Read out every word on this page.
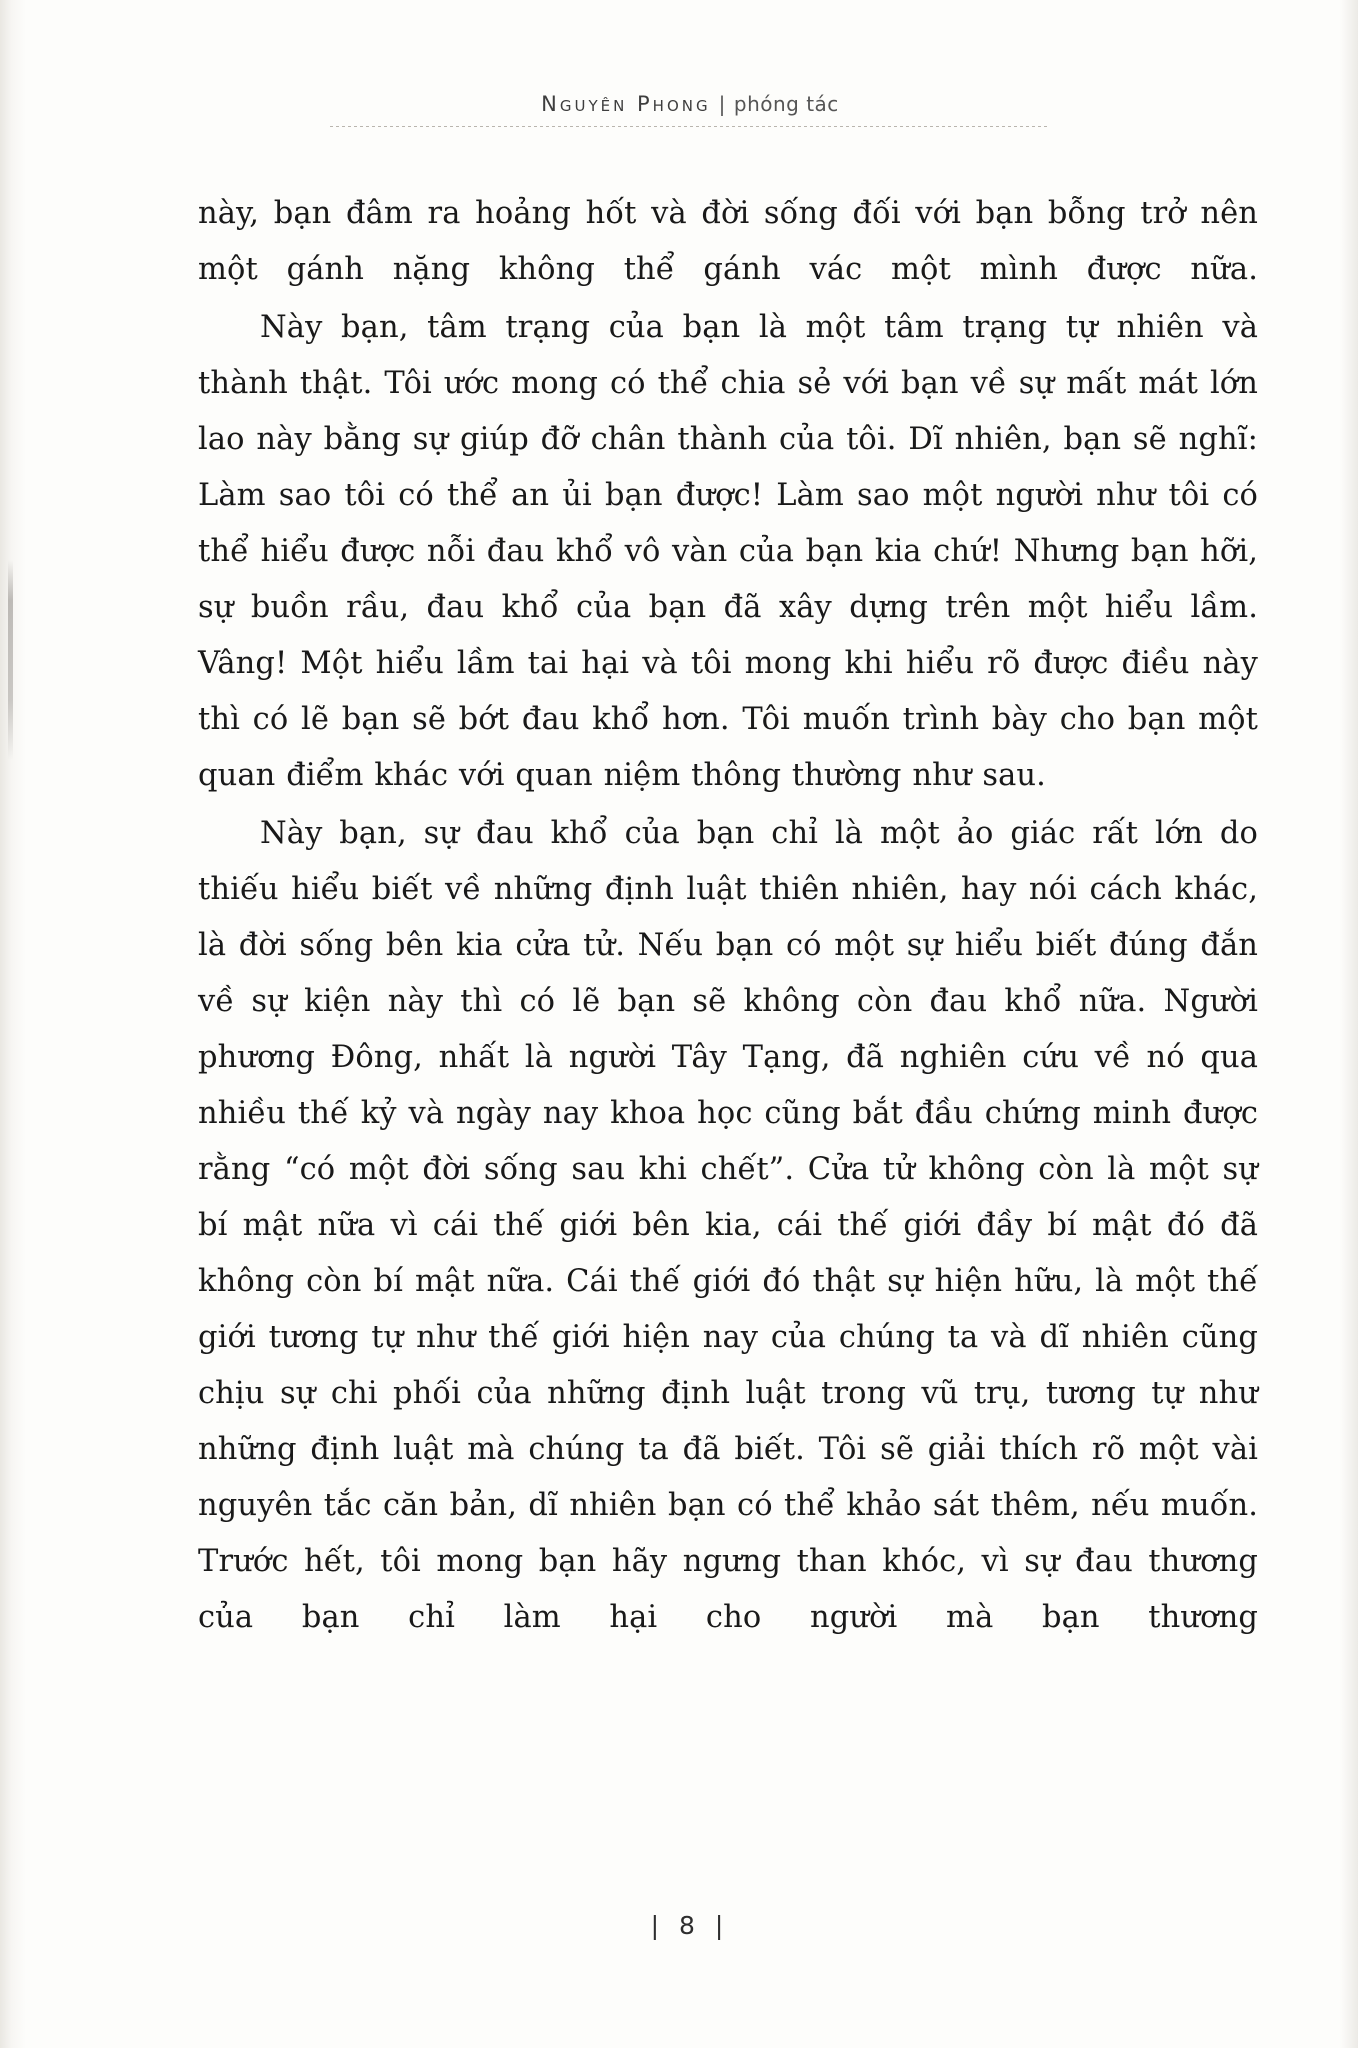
Nguyên Phong | phóng tác

này, bạn đâm ra hoảng hốt và đời sống đối với bạn bỗng trở nên một gánh nặng không thể gánh vác một mình được nữa.

Này bạn, tâm trạng của bạn là một tâm trạng tự nhiên và thành thật. Tôi ước mong có thể chia sẻ với bạn về sự mất mát lớn lao này bằng sự giúp đỡ chân thành của tôi. Dĩ nhiên, bạn sẽ nghĩ: Làm sao tôi có thể an ủi bạn được! Làm sao một người như tôi có thể hiểu được nỗi đau khổ vô vàn của bạn kia chứ! Nhưng bạn hỡi, sự buồn rầu, đau khổ của bạn đã xây dựng trên một hiểu lầm. Vâng! Một hiểu lầm tai hại và tôi mong khi hiểu rõ được điều này thì có lẽ bạn sẽ bớt đau khổ hơn. Tôi muốn trình bày cho bạn một quan điểm khác với quan niệm thông thường như sau.

Này bạn, sự đau khổ của bạn chỉ là một ảo giác rất lớn do thiếu hiểu biết về những định luật thiên nhiên, hay nói cách khác, là đời sống bên kia cửa tử. Nếu bạn có một sự hiểu biết đúng đắn về sự kiện này thì có lẽ bạn sẽ không còn đau khổ nữa. Người phương Đông, nhất là người Tây Tạng, đã nghiên cứu về nó qua nhiều thế kỷ và ngày nay khoa học cũng bắt đầu chứng minh được rằng “có một đời sống sau khi chết”. Cửa tử không còn là một sự bí mật nữa vì cái thế giới bên kia, cái thế giới đầy bí mật đó đã không còn bí mật nữa. Cái thế giới đó thật sự hiện hữu, là một thế giới tương tự như thế giới hiện nay của chúng ta và dĩ nhiên cũng chịu sự chi phối của những định luật trong vũ trụ, tương tự như những định luật mà chúng ta đã biết. Tôi sẽ giải thích rõ một vài nguyên tắc căn bản, dĩ nhiên bạn có thể khảo sát thêm, nếu muốn. Trước hết, tôi mong bạn hãy ngưng than khóc, vì sự đau thương của bạn chỉ làm hại cho người mà bạn thương

| 8 |
